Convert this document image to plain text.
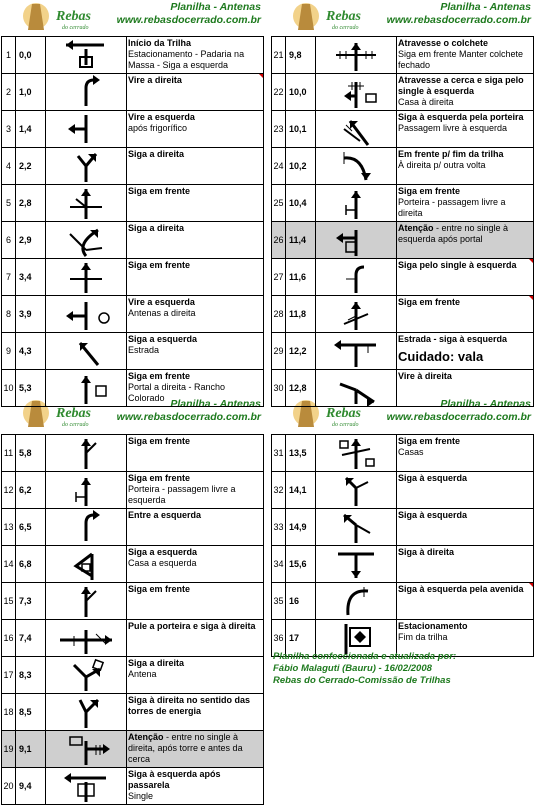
Rebas
do cerrado
Planilha - Antenas
www.rebasdocerrado.com.br	Rebas
do cerrado
Planilha - Antenas
www.rebasdocerrado.com.br
Rebas
do cerrado
Planilha - Antenas
www.rebasdocerrado.com.br	Rebas
do cerrado
Planilha - Antenas
www.rebasdocerrado.com.br
1	0,0		Início da Trilha
Estacionamento - Padaria na Massa - Siga a esquerda

2	1,0		Vire a direita

3	1,4		Vire a esquerda
após frigorífico

4	2,2		Siga a direita

5	2,8		Siga em frente

6	2,9		Siga a direita

7	3,4		Siga em frente

8	3,9		Vire a esquerda
Antenas a direita

9	4,3		Siga a esquerda
Estrada

10	5,3		Siga em frente
Portal a direita - Rancho Colorado
21	9,8		Atravesse o colchete
Siga em frente Manter colchete fechado

22	10,0		Atravesse a cerca e siga pelo single à esquerda
Casa à direita

23	10,1		Siga à esquerda pela porteira
Passagem livre à esquerda

24	10,2		Em frente p/ fim da trilha
À direita p/ outra volta

25	10,4		Siga em frente
Porteira - passagem livre a direita

26	11,4		Atenção - entre no single à esquerda após portal

27	11,6		Siga pelo single à esquerda

28	11,8		Siga em frente

29	12,2		Estrada - siga à esquerda
Cuidado: vala

30	12,8		Vire à direita
11	5,8		Siga em frente

12	6,2		Siga em frente
Porteira - passagem livre a esquerda

13	6,5		Entre a esquerda

14	6,8		Siga a esquerda
Casa a esquerda

15	7,3		Siga em frente

16	7,4		Pule a porteira e siga à direita

17	8,3		Siga a direita
Antena

18	8,5		Siga à direita no sentido das torres de energia

19	9,1		Atenção - entre no single à direita, após torre e antes da cerca

20	9,4		Siga à esquerda após passarela
Single
31	13,5		Siga em frente
Casas

32	14,1		Siga à esquerda

33	14,9		Siga à esquerda

34	15,6		Siga à direita

35	16		Siga à esquerda pela avenida

36	17		Estacionamento
Fim da trilha
Planilha confeccionada e atualizada por:
Fábio Malaguti (Bauru) - 16/02/2008
Rebas do Cerrado-Comissão de Trilhas
